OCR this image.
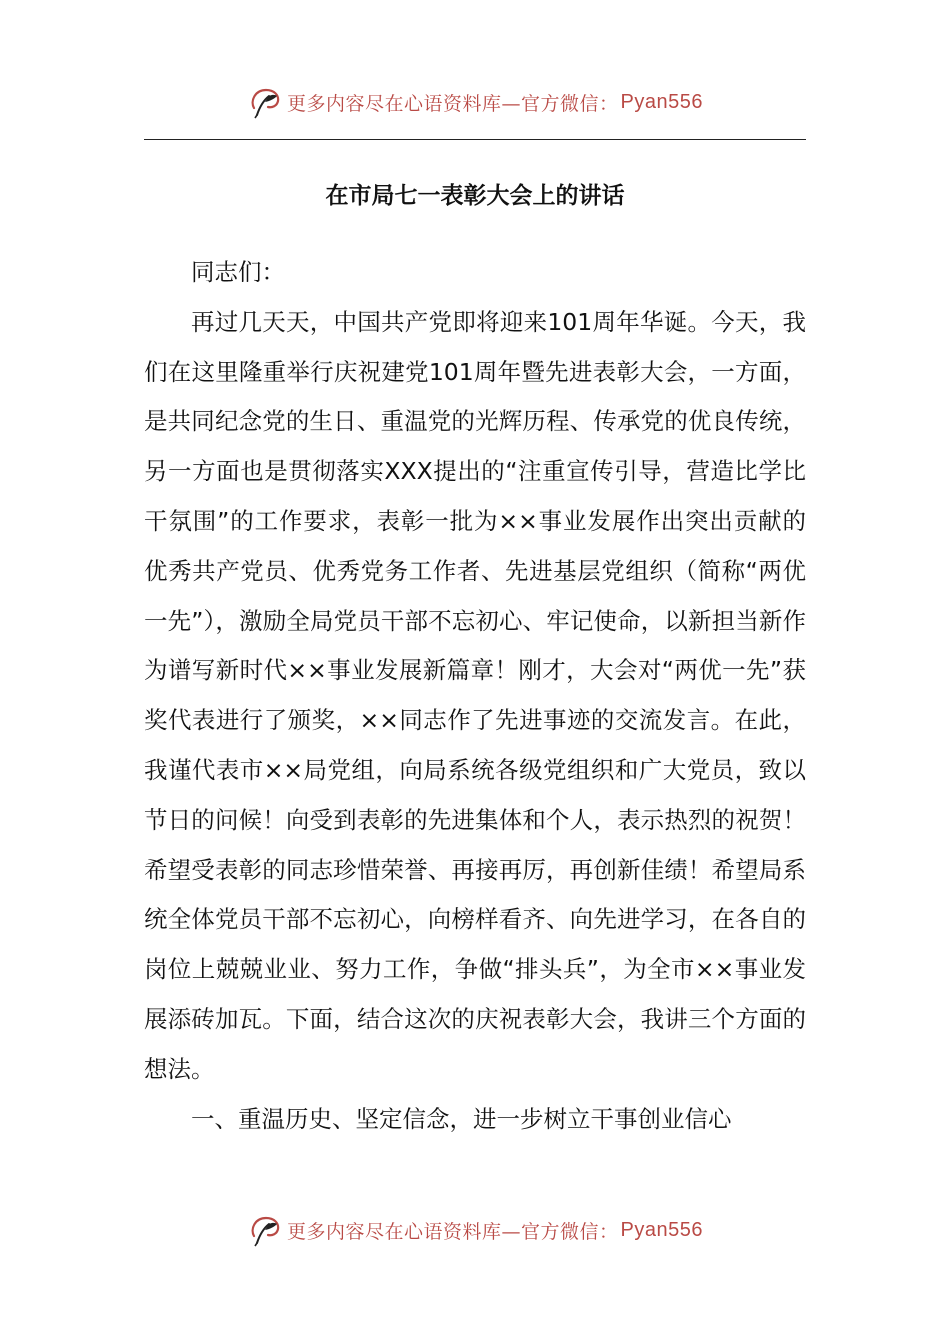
更多内容尽在心语资料库—官方微信： Pyan556
在市局七一表彰大会上的讲话

同志们：

再过几天天，中国共产党即将迎来101周年华诞。今天，我们在这里隆重举行庆祝建党101周年暨先进表彰大会，一方面，是共同纪念党的生日、重温党的光辉历程、传承党的优良传统，另一方面也是贯彻落实XXX提出的“注重宣传引导，营造比学比干氛围”的工作要求，表彰一批为××事业发展作出突出贡献的优秀共产党员、优秀党务工作者、先进基层党组织（简称“两优一先”），激励全局党员干部不忘初心、牢记使命，以新担当新作为谱写新时代××事业发展新篇章！刚才，大会对“两优一先”获奖代表进行了颁奖，××同志作了先进事迹的交流发言。在此，我谨代表市××局党组，向局系统各级党组织和广大党员，致以节日的问候！向受到表彰的先进集体和个人，表示热烈的祝贺！希望受表彰的同志珍惜荣誉、再接再厉，再创新佳绩！希望局系统全体党员干部不忘初心，向榜样看齐、向先进学习，在各自的岗位上兢兢业业、努力工作，争做“排头兵”，为全市××事业发展添砖加瓦。下面，结合这次的庆祝表彰大会，我讲三个方面的想法。

一、重温历史、坚定信念，进一步树立干事创业信心

更多内容尽在心语资料库—官方微信： Pyan556
